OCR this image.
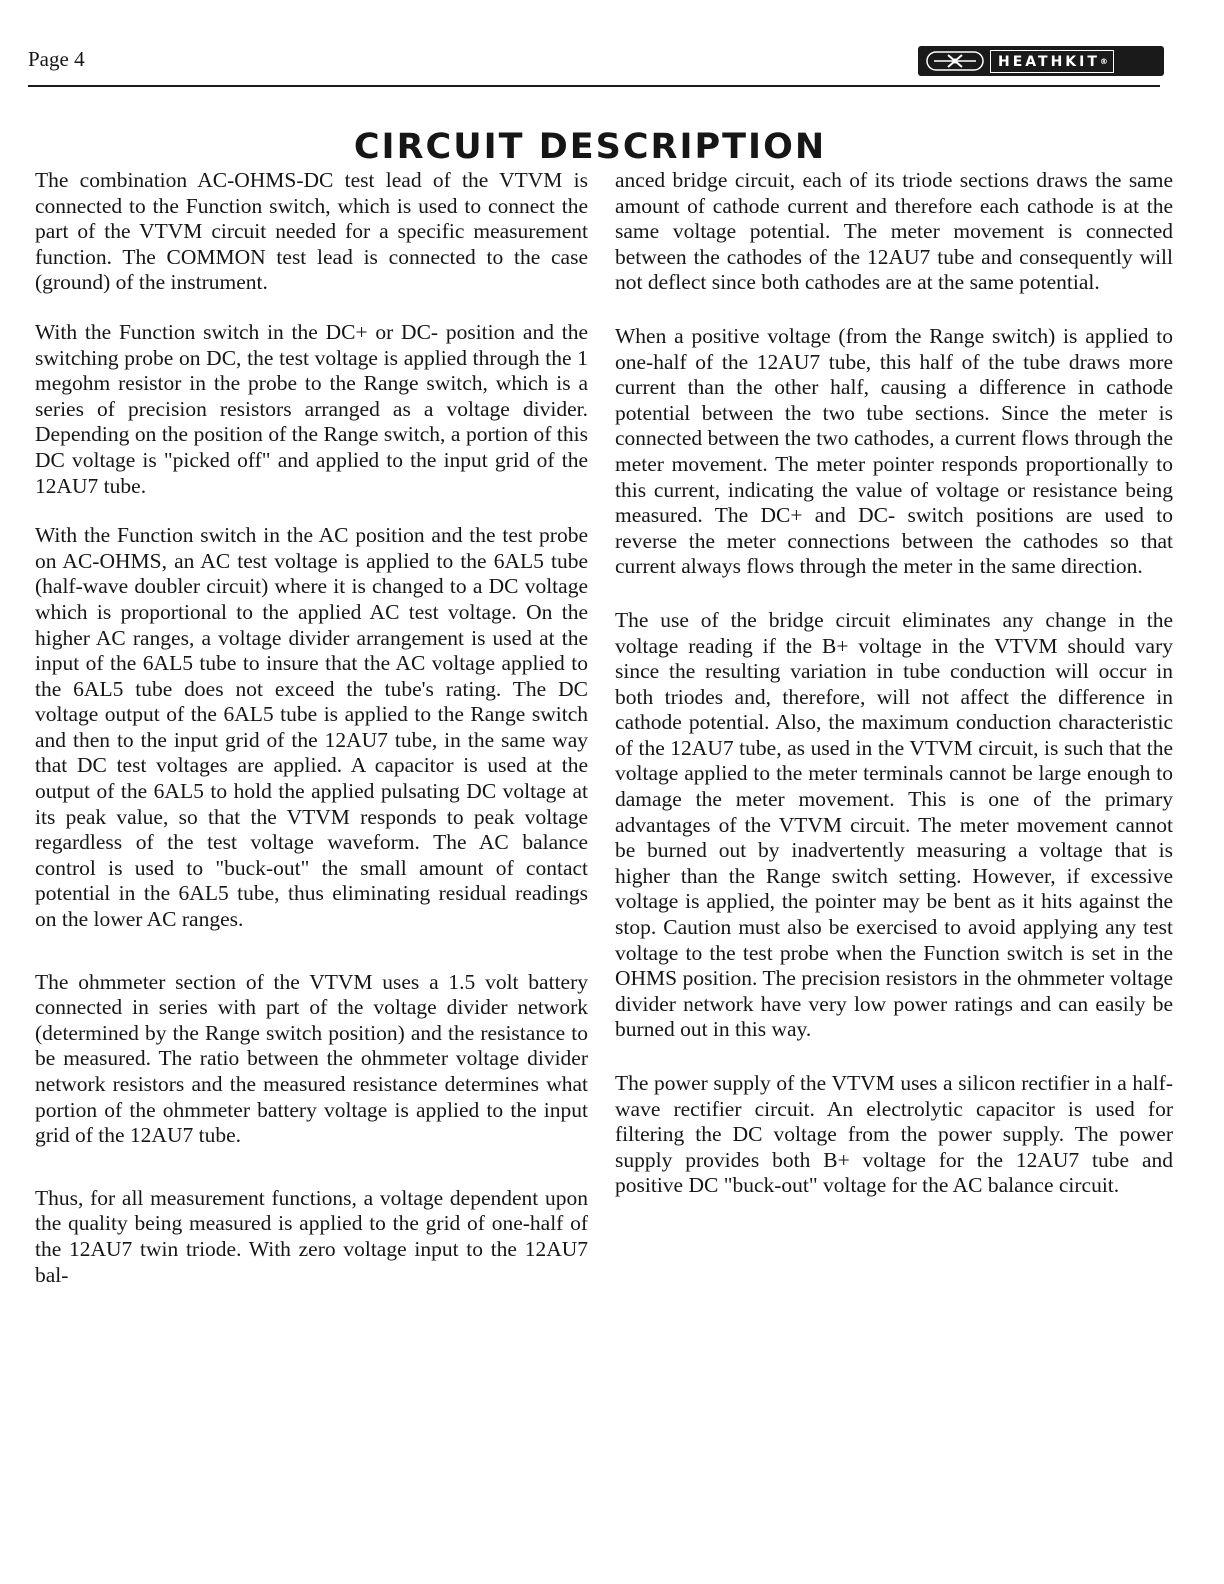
Page 4	HEATHKIT®
CIRCUIT DESCRIPTION

The combination AC-OHMS-DC test lead of the VTVM is connected to the Function switch, which is used to connect the part of the VTVM circuit needed for a specific measurement function. The COMMON test lead is connected to the case (ground) of the instrument.

With the Function switch in the DC+ or DC- position and the switching probe on DC, the test voltage is applied through the 1 megohm resistor in the probe to the Range switch, which is a series of precision resistors arranged as a voltage divider. Depending on the position of the Range switch, a portion of this DC voltage is "picked off" and applied to the input grid of the 12AU7 tube.

With the Function switch in the AC position and the test probe on AC-OHMS, an AC test voltage is applied to the 6AL5 tube (half-wave doubler circuit) where it is changed to a DC voltage which is proportional to the applied AC test voltage. On the higher AC ranges, a voltage divider arrangement is used at the input of the 6AL5 tube to insure that the AC voltage applied to the 6AL5 tube does not exceed the tube's rating. The DC voltage output of the 6AL5 tube is applied to the Range switch and then to the input grid of the 12AU7 tube, in the same way that DC test voltages are applied. A capacitor is used at the output of the 6AL5 to hold the applied pulsating DC voltage at its peak value, so that the VTVM responds to peak voltage regardless of the test voltage waveform. The AC balance control is used to "buck-out" the small amount of contact potential in the 6AL5 tube, thus eliminating residual readings on the lower AC ranges.

The ohmmeter section of the VTVM uses a 1.5 volt battery connected in series with part of the voltage divider network (determined by the Range switch position) and the resistance to be measured. The ratio between the ohmmeter voltage divider network resistors and the measured resistance determines what portion of the ohmmeter battery voltage is applied to the input grid of the 12AU7 tube.

Thus, for all measurement functions, a voltage dependent upon the quality being measured is applied to the grid of one-half of the 12AU7 twin triode. With zero voltage input to the 12AU7 bal-

anced bridge circuit, each of its triode sections draws the same amount of cathode current and therefore each cathode is at the same voltage potential. The meter movement is connected between the cathodes of the 12AU7 tube and consequently will not deflect since both cathodes are at the same potential.

When a positive voltage (from the Range switch) is applied to one-half of the 12AU7 tube, this half of the tube draws more current than the other half, causing a difference in cathode potential between the two tube sections. Since the meter is connected between the two cathodes, a current flows through the meter movement. The meter pointer responds proportionally to this current, indicating the value of voltage or resistance being measured. The DC+ and DC- switch positions are used to reverse the meter connections between the cathodes so that current always flows through the meter in the same direction.

The use of the bridge circuit eliminates any change in the voltage reading if the B+ voltage in the VTVM should vary since the resulting variation in tube conduction will occur in both triodes and, therefore, will not affect the difference in cathode potential. Also, the maximum conduction characteristic of the 12AU7 tube, as used in the VTVM circuit, is such that the voltage applied to the meter terminals cannot be large enough to damage the meter movement. This is one of the primary advantages of the VTVM circuit. The meter movement cannot be burned out by inadvertently measuring a voltage that is higher than the Range switch setting. However, if excessive voltage is applied, the pointer may be bent as it hits against the stop. Caution must also be exercised to avoid applying any test voltage to the test probe when the Function switch is set in the OHMS position. The precision resistors in the ohmmeter voltage divider network have very low power ratings and can easily be burned out in this way.

The power supply of the VTVM uses a silicon rectifier in a half-wave rectifier circuit. An electrolytic capacitor is used for filtering the DC voltage from the power supply. The power supply provides both B+ voltage for the 12AU7 tube and positive DC "buck-out" voltage for the AC balance circuit.
